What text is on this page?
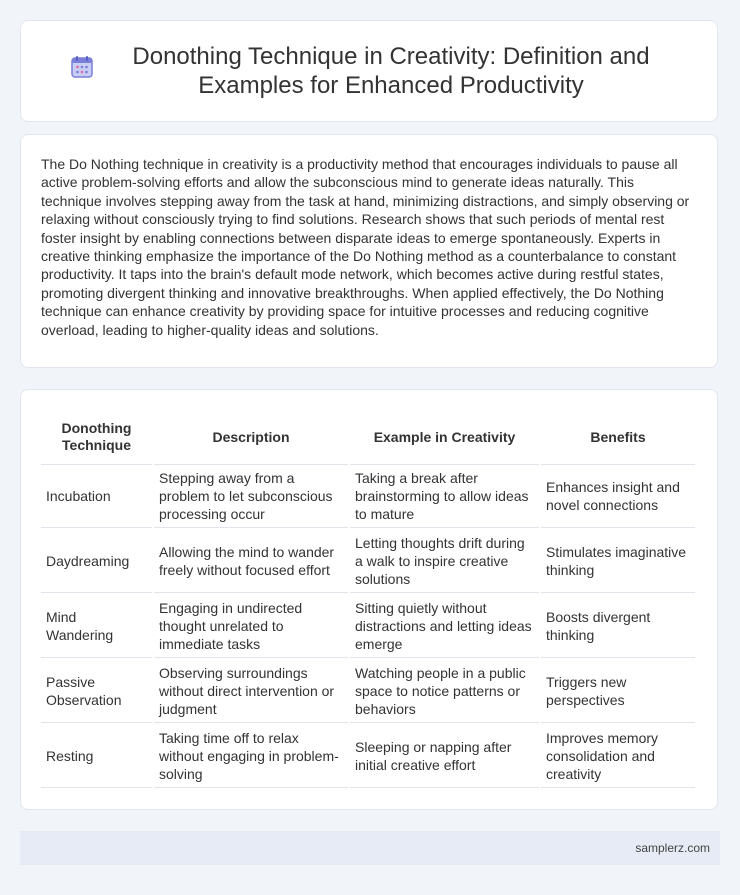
Donothing Technique in Creativity: Definition and Examples for Enhanced Productivity

The Do Nothing technique in creativity is a productivity method that encourages individuals to pause all active problem-solving efforts and allow the subconscious mind to generate ideas naturally. This technique involves stepping away from the task at hand, minimizing distractions, and simply observing or relaxing without consciously trying to find solutions. Research shows that such periods of mental rest foster insight by enabling connections between disparate ideas to emerge spontaneously. Experts in creative thinking emphasize the importance of the Do Nothing method as a counterbalance to constant productivity. It taps into the brain's default mode network, which becomes active during restful states, promoting divergent thinking and innovative breakthroughs. When applied effectively, the Do Nothing technique can enhance creativity by providing space for intuitive processes and reducing cognitive overload, leading to higher-quality ideas and solutions.

Donothing Technique	Description	Example in Creativity	Benefits
Incubation	Stepping away from a problem to let subconscious processing occur	Taking a break after brainstorming to allow ideas to mature	Enhances insight and novel connections
Daydreaming	Allowing the mind to wander freely without focused effort	Letting thoughts drift during a walk to inspire creative solutions	Stimulates imaginative thinking
Mind Wandering	Engaging in undirected thought unrelated to immediate tasks	Sitting quietly without distractions and letting ideas emerge	Boosts divergent thinking
Passive Observation	Observing surroundings without direct intervention or judgment	Watching people in a public space to notice patterns or behaviors	Triggers new perspectives
Resting	Taking time off to relax without engaging in problem-solving	Sleeping or napping after initial creative effort	Improves memory consolidation and creativity
samplerz.com
